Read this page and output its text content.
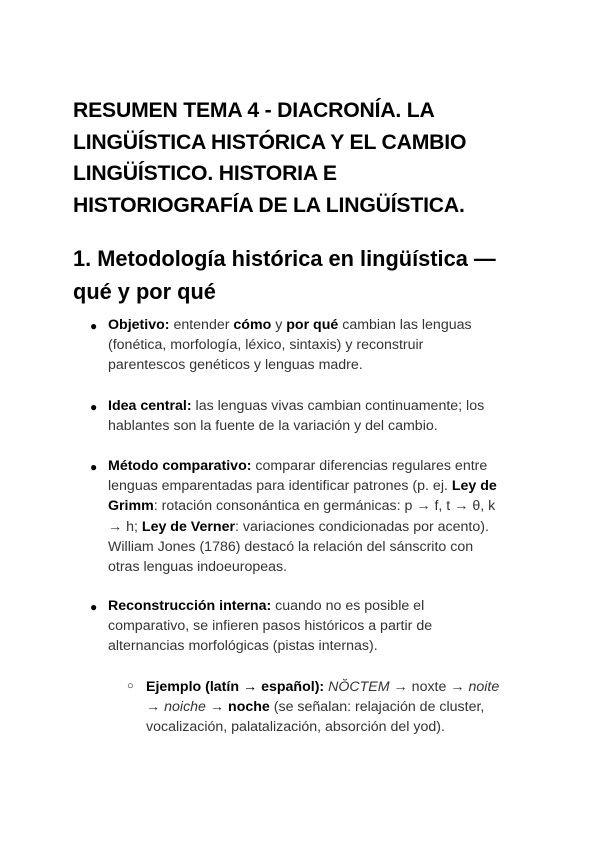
RESUMEN TEMA 4 - DIACRONÍA. LA
LINGÜÍSTICA HISTÓRICA Y EL CAMBIO
LINGÜÍSTICO. HISTORIA E
HISTORIOGRAFÍA DE LA LINGÜÍSTICA.
1. Metodología histórica en lingüística —
qué y por qué
● Objetivo: entender cómo y por qué cambian las lenguas
(fonética, morfología, léxico, sintaxis) y reconstruir
parentescos genéticos y lenguas madre.
● Idea central: las lenguas vivas cambian continuamente; los
hablantes son la fuente de la variación y del cambio.
● Método comparativo: comparar diferencias regulares entre
lenguas emparentadas para identificar patrones (p. ej. Ley de
Grimm: rotación consonántica en germánicas: p → f, t → θ, k
→ h; Ley de Verner: variaciones condicionadas por acento).
William Jones (1786) destacó la relación del sánscrito con
otras lenguas indoeuropeas.
● Reconstrucción interna: cuando no es posible el
comparativo, se infieren pasos históricos a partir de
alternancias morfológicas (pistas internas).
○ Ejemplo (latín → español): NŎCTEM → noxte → noite
→ noiche → noche (se señalan: relajación de cluster,
vocalización, palatalización, absorción del yod).
